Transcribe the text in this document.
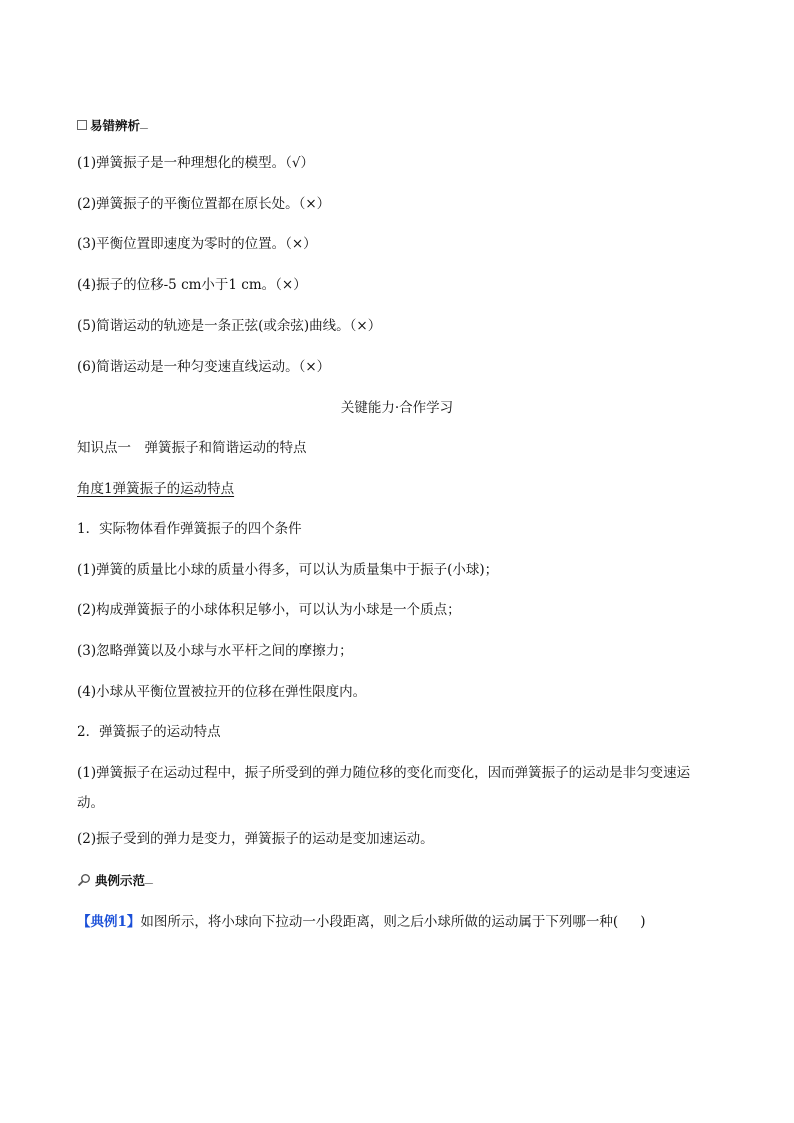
易错辨析
(1)弹簧振子是一种理想化的模型。（√）
(2)弹簧振子的平衡位置都在原长处。（×）
(3)平衡位置即速度为零时的位置。（×）
(4)振子的位移-5 cm小于1 cm。（×）
(5)简谐运动的轨迹是一条正弦(或余弦)曲线。（×）
(6)简谐运动是一种匀变速直线运动。（×）
关键能力·合作学习
知识点一　弹簧振子和简谐运动的特点
角度1弹簧振子的运动特点
1．实际物体看作弹簧振子的四个条件
(1)弹簧的质量比小球的质量小得多，可以认为质量集中于振子(小球)；
(2)构成弹簧振子的小球体积足够小，可以认为小球是一个质点；
(3)忽略弹簧以及小球与水平杆之间的摩擦力；
(4)小球从平衡位置被拉开的位移在弹性限度内。
2．弹簧振子的运动特点
(1)弹簧振子在运动过程中，振子所受到的弹力随位移的变化而变化，因而弹簧振子的运动是非匀变速运动。
(2)振子受到的弹力是变力，弹簧振子的运动是变加速运动。
典例示范
【典例1】如图所示，将小球向下拉动一小段距离，则之后小球所做的运动属于下列哪一种( )
